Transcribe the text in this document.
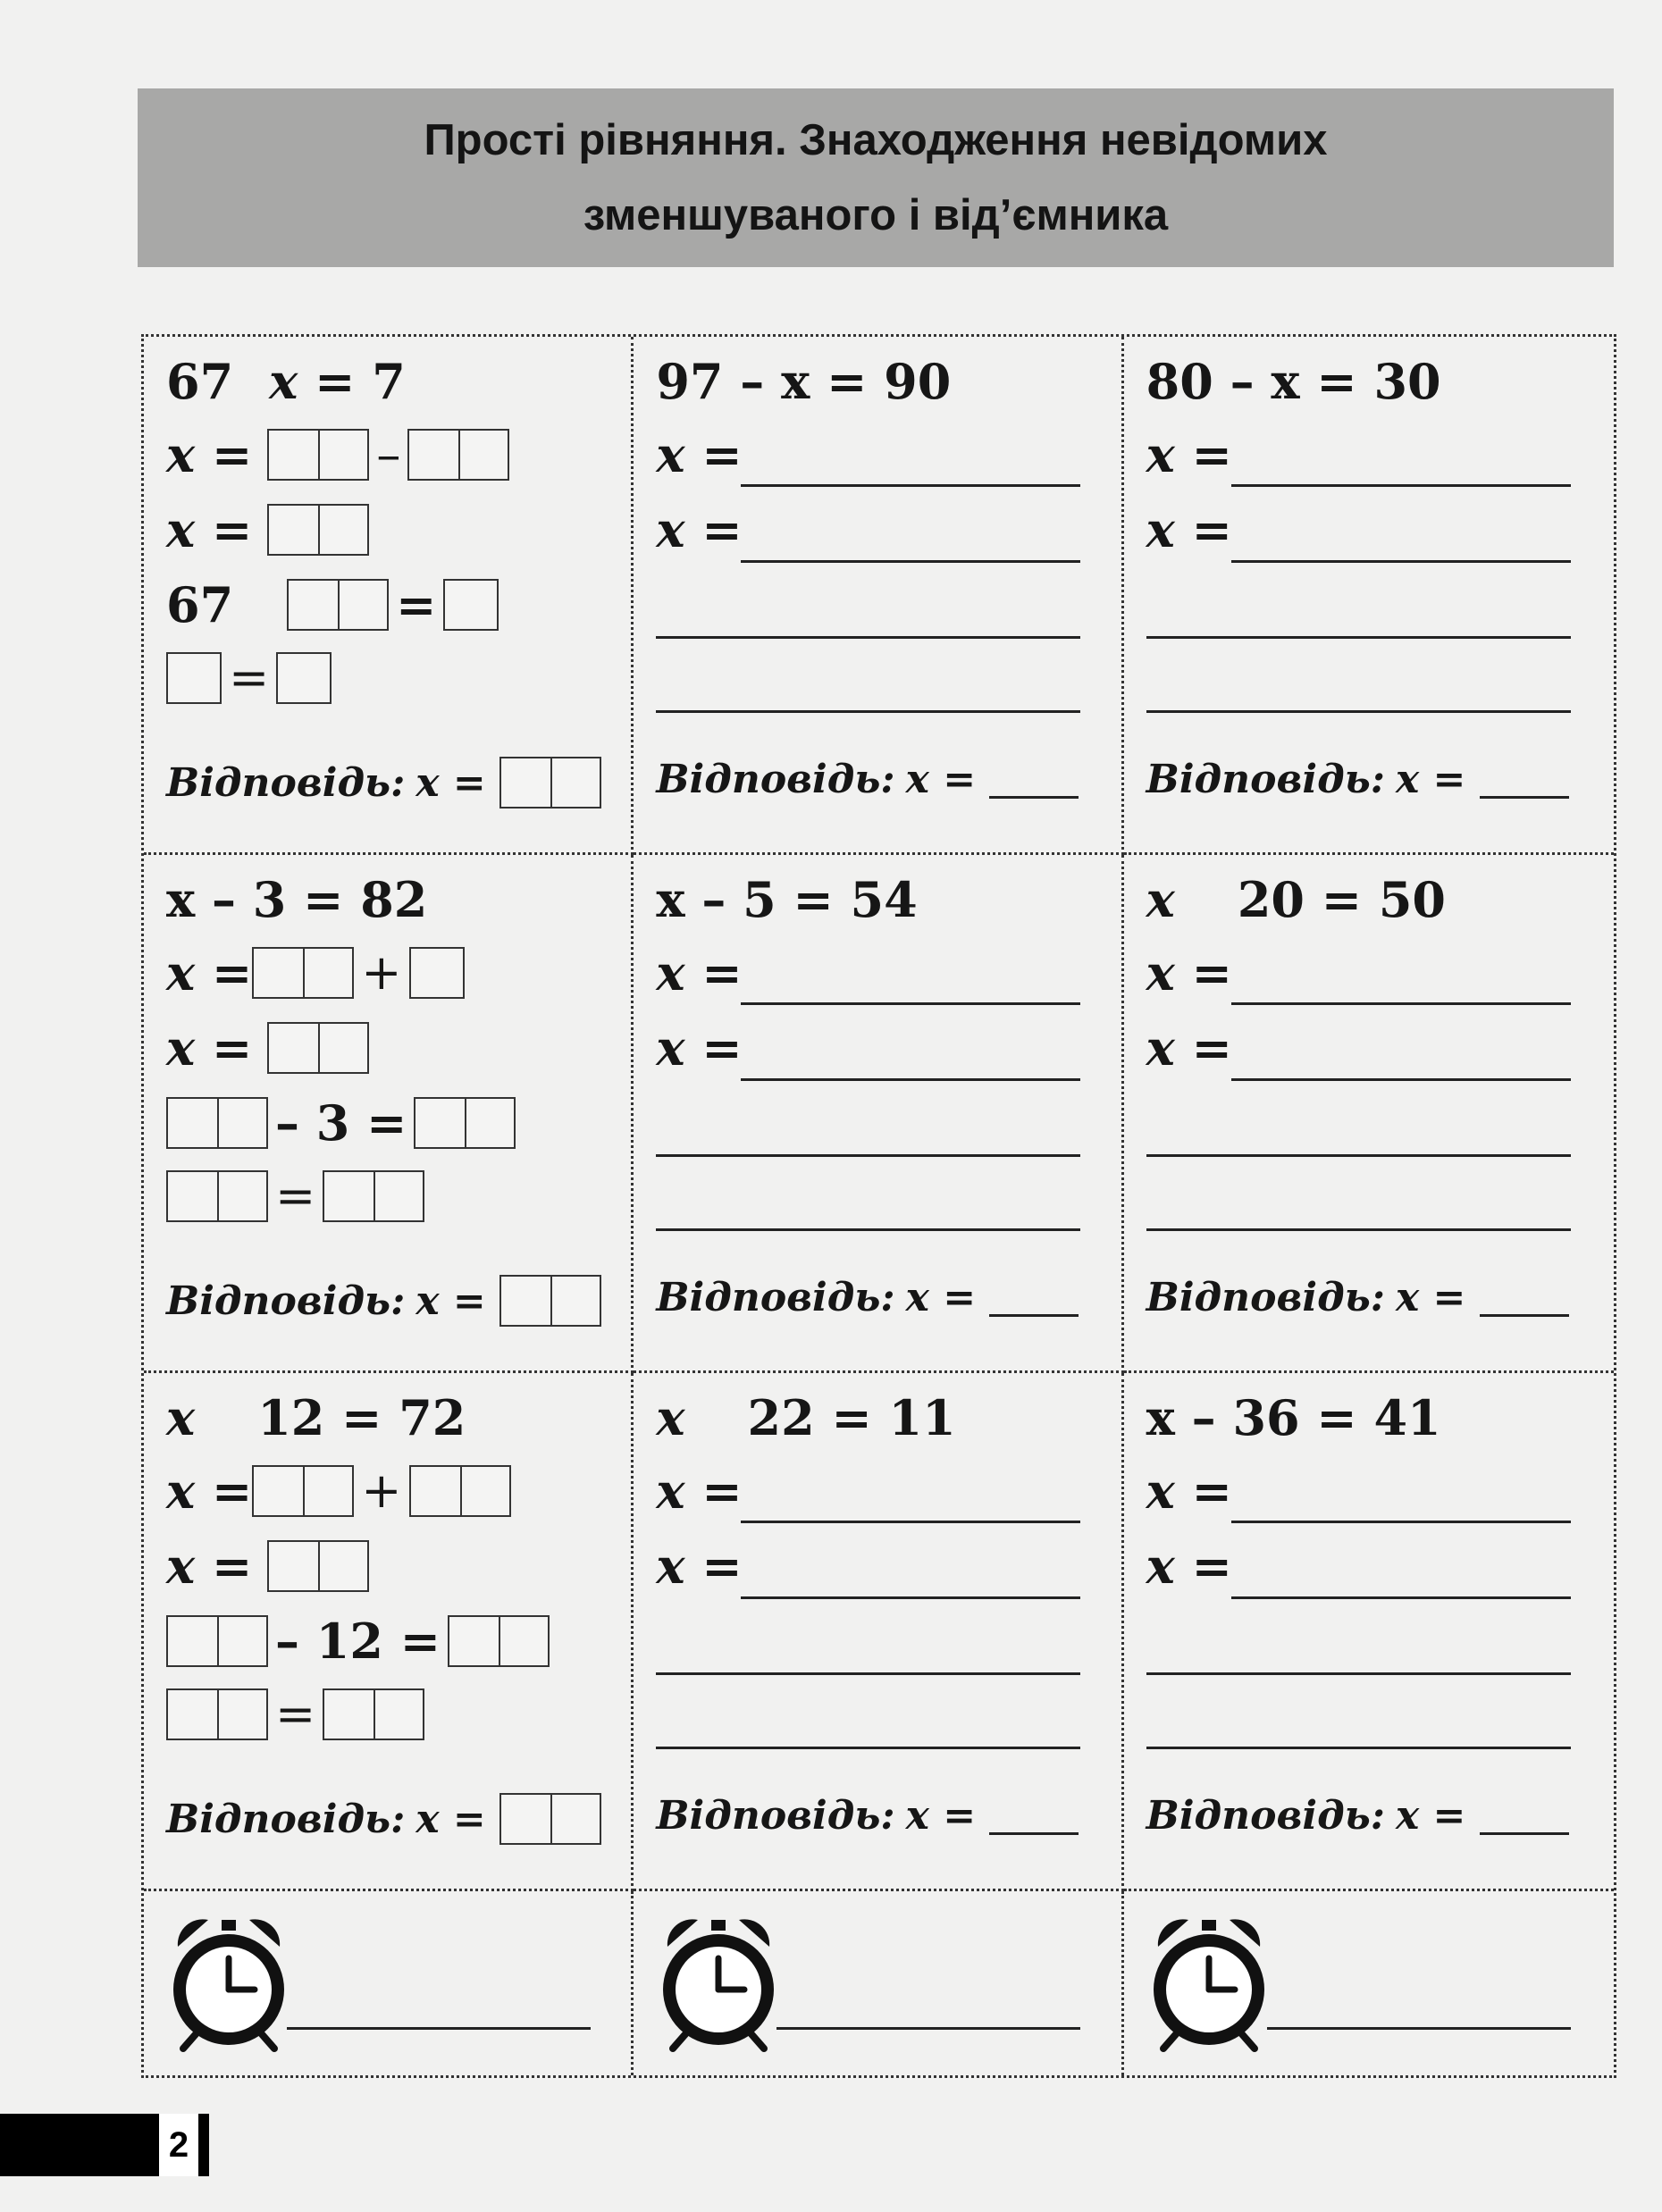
Прості рівняння. Знаходження невідомих
зменшуваного і від’ємника
67 x
= 7
x =
	–
x =

67	=
=
Відповідь: x =

97 – x = 90
x =
x =
Відповідь: x =

80 – x = 30
x =
x =
Відповідь: x =

x – 3 = 82
x = +
x =

– 3 =
=
Відповідь: x =

x – 5 = 54
x =
x =
Відповідь: x =

x 20 = 50
x =
x =
Відповідь: x =

x 12 = 72
x = +
x =

– 12 =
=
Відповідь: x =

x 22 = 11
x =
x =
Відповідь: x =

x – 36 = 41
x =
x =
Відповідь: x =

2
